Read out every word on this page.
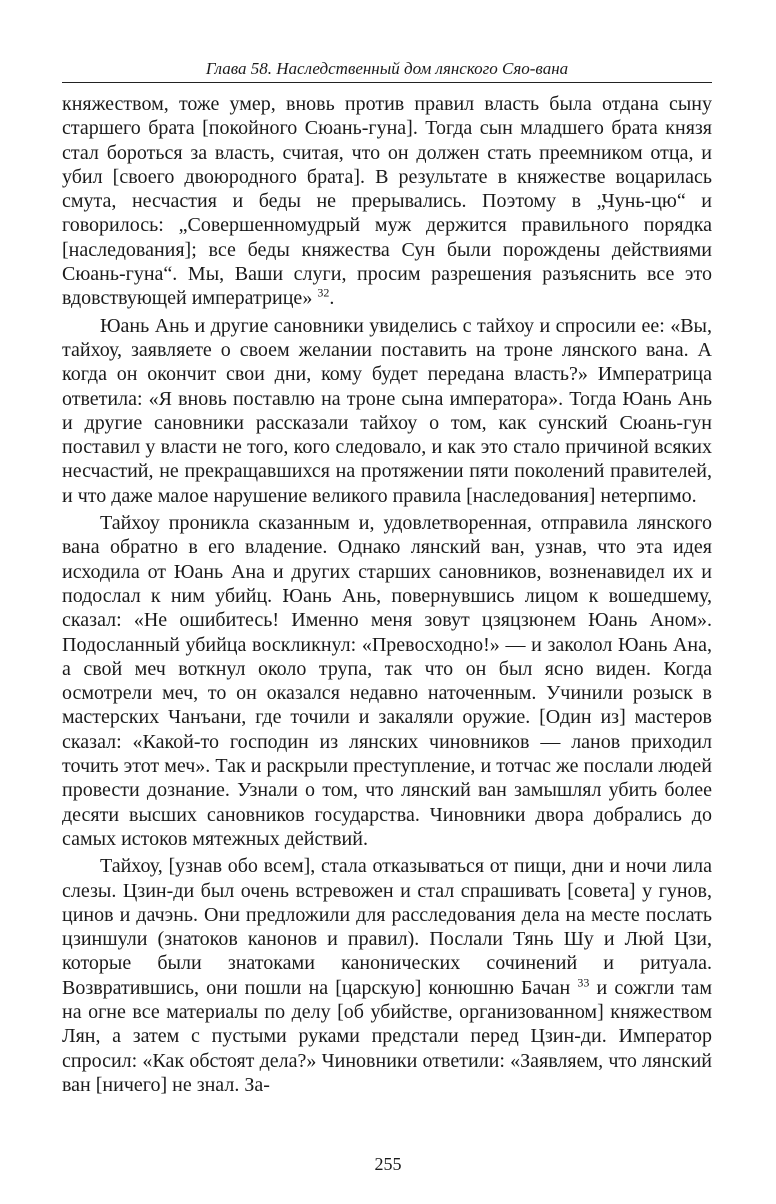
Глава 58. Наследственный дом лянского Сяо-вана

княжеством, тоже умер, вновь против правил власть была отдана сыну старшего брата [покойного Сюань-гуна]. Тогда сын младшего брата князя стал бороться за власть, считая, что он должен стать преемником отца, и убил [своего двоюродного брата]. В результате в княжестве воцарилась смута, несчастия и беды не прерывались. Поэтому в „Чунь-цю“ и говорилось: „Совершенномудрый муж держится правильного порядка [наследования]; все беды княжества Сун были порождены действиями Сюань-гуна“. Мы, Ваши слуги, просим разрешения разъяснить все это вдовствующей императрице» $^{32}$.

Юань Ань и другие сановники увиделись с тайхоу и спросили ее: «Вы, тайхоу, заявляете о своем желании поставить на троне лянского вана. А когда он окончит свои дни, кому будет передана власть?» Императрица ответила: «Я вновь поставлю на троне сына императора». Тогда Юань Ань и другие сановники рассказали тайхоу о том, как сунский Сюань-гун поставил у власти не того, кого следовало, и как это стало причиной всяких несчастий, не прекращавшихся на протяжении пяти поколений правителей, и что даже малое нарушение великого правила [наследования] нетерпимо.

Тайхоу проникла сказанным и, удовлетворенная, отправила лянского вана обратно в его владение. Однако лянский ван, узнав, что эта идея исходила от Юань Ана и других старших сановников, возненавидел их и подослал к ним убийц. Юань Ань, повернувшись лицом к вошедшему, сказал: «Не ошибитесь! Именно меня зовут цзяцзюнем Юань Аном». Подосланный убийца воскликнул: «Превосходно!» — и заколол Юань Ана, а свой меч воткнул около трупа, так что он был ясно виден. Когда осмотрели меч, то он оказался недавно наточенным. Учинили розыск в мастерских Чанъани, где точили и закаляли оружие. [Один из] мастеров сказал: «Какой-то господин из лянских чиновников — ланов приходил точить этот меч». Так и раскрыли преступление, и тотчас же послали людей провести дознание. Узнали о том, что лянский ван замышлял убить более десяти высших сановников государства. Чиновники двора добрались до самых истоков мятежных действий.

Тайхоу, [узнав обо всем], стала отказываться от пищи, дни и ночи лила слезы. Цзин-ди был очень встревожен и стал спрашивать [совета] у гунов, цинов и дачэнь. Они предложили для расследования дела на месте послать цзиншули (знатоков канонов и правил). Послали Тянь Шу и Люй Цзи, которые были знатоками канонических сочинений и ритуала. Возвратившись, они пошли на [царскую] конюшню Бачан $^{33}$ и сожгли там на огне все материалы по делу [об убийстве, организованном] княжеством Лян, а затем с пустыми руками предстали перед Цзин-ди. Император спросил: «Как обстоят дела?» Чиновники ответили: «Заявляем, что лянский ван [ничего] не знал. За-

255
